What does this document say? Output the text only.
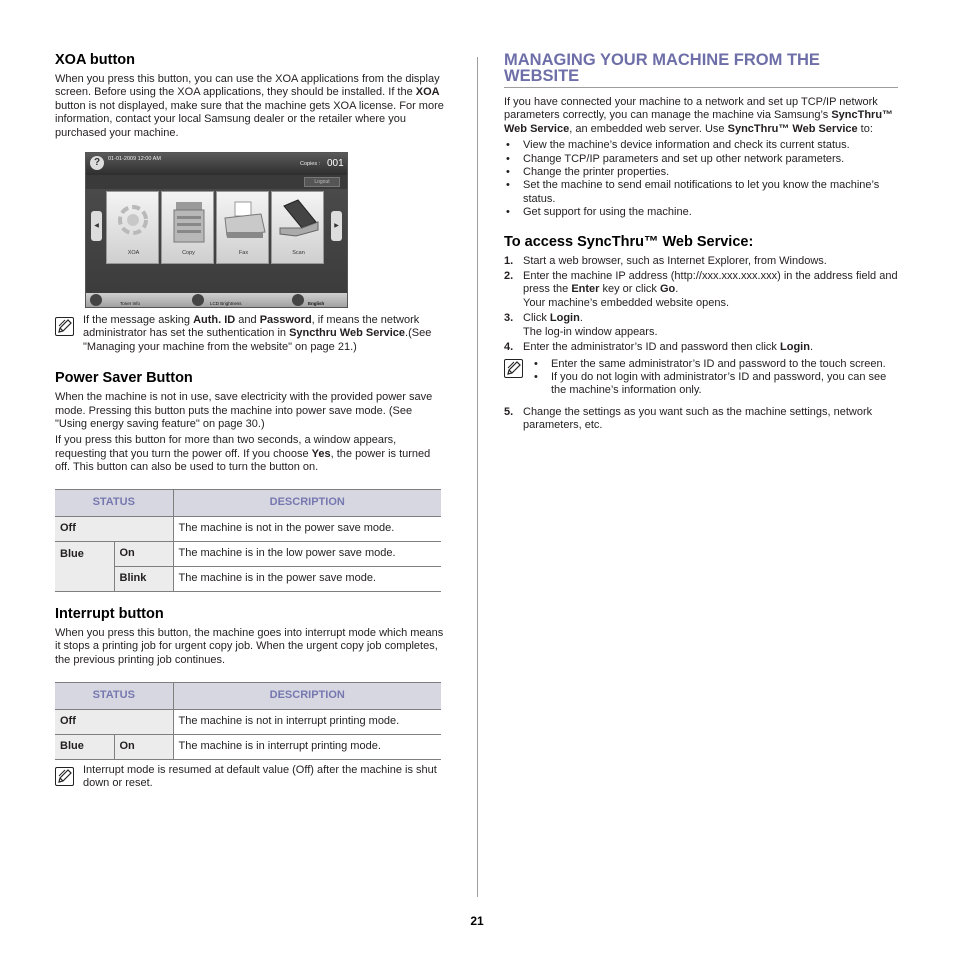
XOA button

When you press this button, you can use the XOA applications from the display screen. Before using the XOA applications, they should be installed. If the XOA button is not displayed, make sure that the machine gets XOA license. For more information, contact your local Samsung dealer or the retailer where you purchased your machine.

?	01-01-2009 12:00 AM
Copies : 001
Logout
◀	▶
XOA	Copy	Fax	Scan
Toner Info	LCD Brightness	English
If the message asking Auth. ID and Password, if means the network administrator has set the suthentication in Syncthru Web Service.(See "Managing your machine from the website" on page 21.)
Power Saver Button

When the machine is not in use, save electricity with the provided power save mode. Pressing this button puts the machine into power save mode. (See "Using energy saving feature" on page 30.)

If you press this button for more than two seconds, a window appears, requesting that you turn the power off. If you choose Yes, the power is turned off. This button can also be used to turn the button on.

STATUS		DESCRIPTION
Off		The machine is not in the power save mode.
Blue	On	The machine is in the low power save mode.
	Blink	The machine is in the power save mode.
Interrupt button

When you press this button, the machine goes into interrupt mode which means it stops a printing job for urgent copy job. When the urgent copy job completes, the previous printing job continues.

STATUS		DESCRIPTION
Off		The machine is not in interrupt printing mode.
Blue	On	The machine is in interrupt printing mode.
Interrupt mode is resumed at default value (Off) after the machine is shut down or reset.
MANAGING YOUR MACHINE FROM THE WEBSITE

If you have connected your machine to a network and set up TCP/IP network parameters correctly, you can manage the machine via Samsung’s SyncThru™ Web Service, an embedded web server. Use SyncThru™ Web Service to:

• View the machine’s device information and check its current status.
• Change TCP/IP parameters and set up other network parameters.
• Change the printer properties.
• Set the machine to send email notifications to let you know the machine’s status.
• Get support for using the machine.
To access SyncThru™ Web Service:
1. Start a web browser, such as Internet Explorer, from Windows.
2. Enter the machine IP address (http://xxx.xxx.xxx.xxx) in the address field and press the Enter key or click Go.
Your machine’s embedded website opens.
3. Click Login.
The log-in window appears.
4. Enter the administrator’s ID and password then click Login.
• Enter the same administrator’s ID and password to the touch screen.
• If you do not login with administrator’s ID and password, you can see the machine’s information only.
5. Change the settings as you want such as the machine settings, network parameters, etc.
21
